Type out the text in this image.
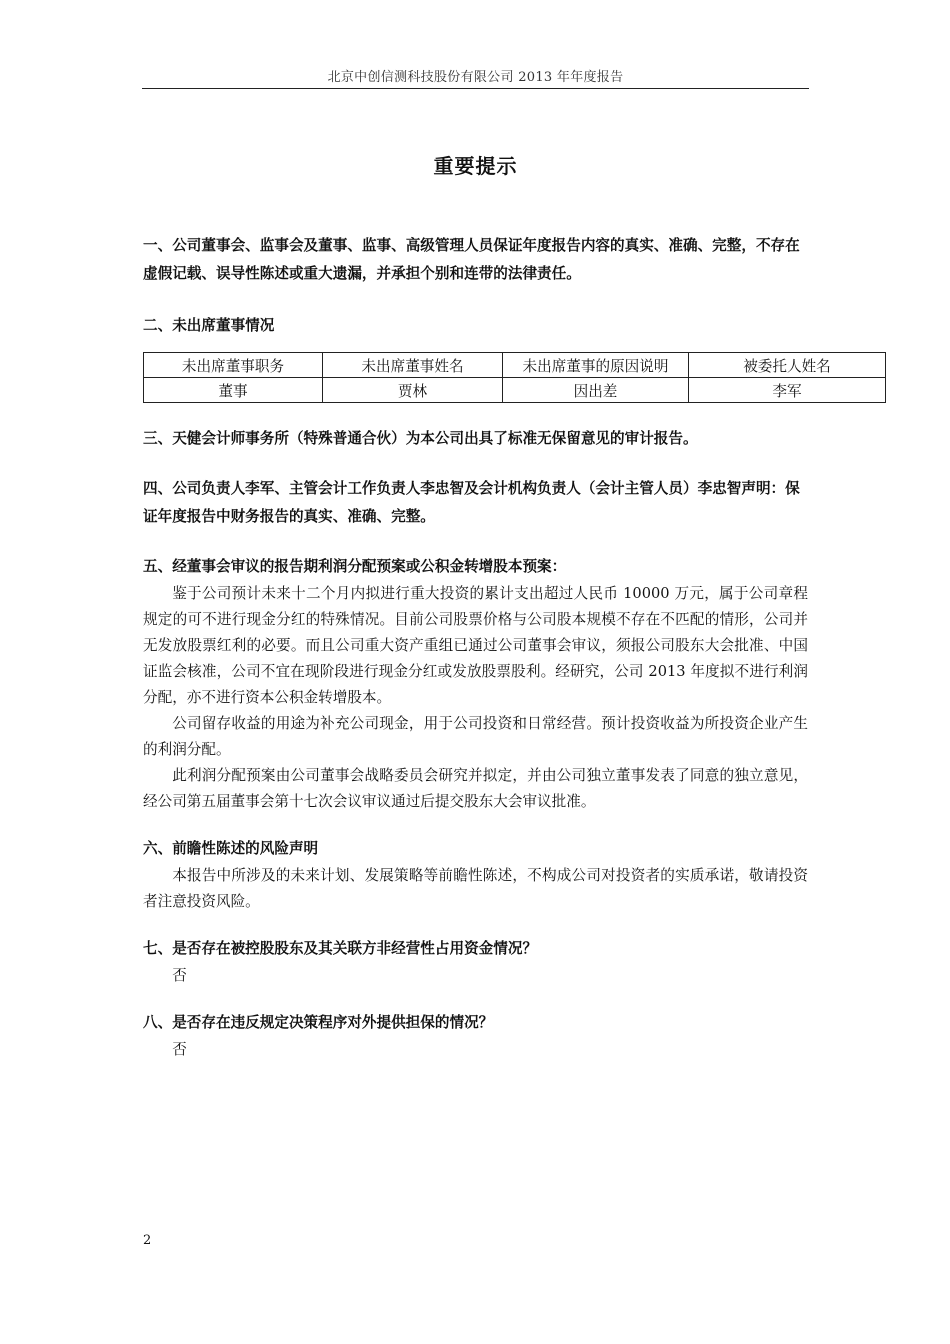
北京中创信测科技股份有限公司 2013 年年度报告
重要提示

一、公司董事会、监事会及董事、监事、高级管理人员保证年度报告内容的真实、准确、完整，不存在虚假记载、误导性陈述或重大遗漏，并承担个别和连带的法律责任。

二、未出席董事情况

未出席董事职务	未出席董事姓名	未出席董事的原因说明	被委托人姓名
董事	贾林	因出差	李军

三、天健会计师事务所（特殊普通合伙）为本公司出具了标准无保留意见的审计报告。

四、公司负责人李军、主管会计工作负责人李忠智及会计机构负责人（会计主管人员）李忠智声明：保证年度报告中财务报告的真实、准确、完整。

五、经董事会审议的报告期利润分配预案或公积金转增股本预案：

鉴于公司预计未来十二个月内拟进行重大投资的累计支出超过人民币 10000 万元，属于公司章程规定的可不进行现金分红的特殊情况。目前公司股票价格与公司股本规模不存在不匹配的情形，公司并无发放股票红利的必要。而且公司重大资产重组已通过公司董事会审议，须报公司股东大会批准、中国证监会核准，公司不宜在现阶段进行现金分红或发放股票股利。经研究，公司 2013 年度拟不进行利润分配，亦不进行资本公积金转增股本。

公司留存收益的用途为补充公司现金，用于公司投资和日常经营。预计投资收益为所投资企业产生的利润分配。

此利润分配预案由公司董事会战略委员会研究并拟定，并由公司独立董事发表了同意的独立意见，经公司第五届董事会第十七次会议审议通过后提交股东大会审议批准。

六、前瞻性陈述的风险声明

本报告中所涉及的未来计划、发展策略等前瞻性陈述，不构成公司对投资者的实质承诺，敬请投资者注意投资风险。

七、是否存在被控股股东及其关联方非经营性占用资金情况？

否

八、是否存在违反规定决策程序对外提供担保的情况？

否

2
